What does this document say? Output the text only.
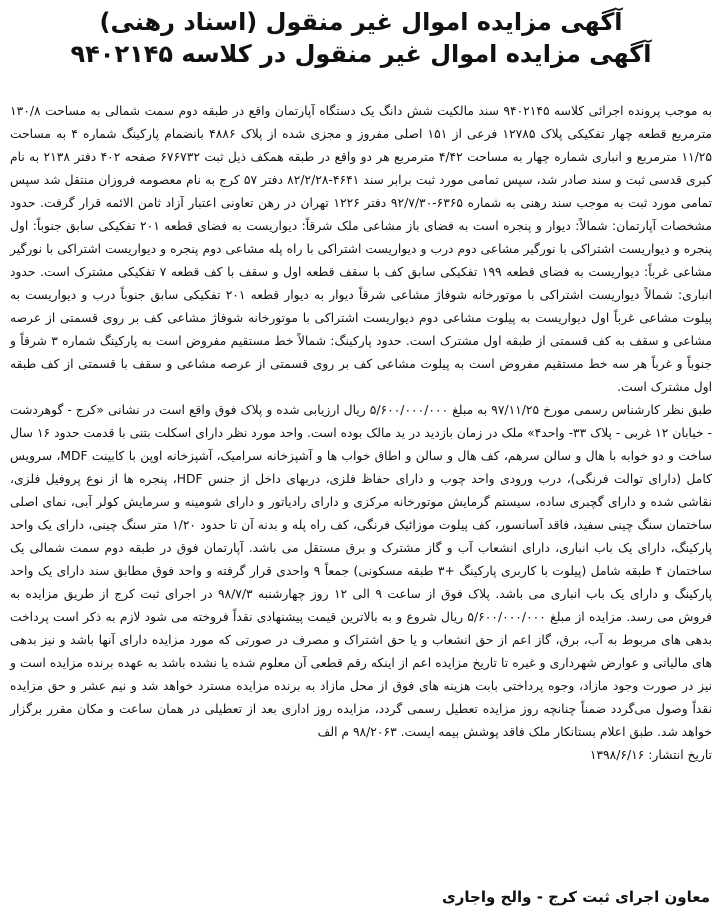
آگهی مزایده اموال غیر منقول (اسناد رهنی)
آگهی مزایده اموال غیر منقول در کلاسه ۹۴۰۲۱۴۵
به موجب پرونده اجرائی کلاسه ۹۴۰۲۱۴۵ سند مالکیت شش دانگ یک دستگاه آپارتمان واقع در طبقه دوم سمت شمالی به مساحت ۱۳۰/۸ مترمربع قطعه چهار تفکیکی پلاک ۱۲۷۸۵ فرعی از ۱۵۱ اصلی مفروز و مجزی شده از پلاک ۴۸۸۶ بانضمام پارکینگ شماره ۴ به مساحت ۱۱/۲۵ مترمربع و انباری شماره چهار به مساحت ۴/۴۲ مترمربع هر دو واقع در طبقه همکف ذیل ثبت ۶۷۶۷۳۲ صفحه ۴۰۲ دفتر ۲۱۳۸ به نام کبری قدسی ثبت و سند صادر شد، سپس تمامی مورد ثبت برابر سند ۴۶۴۱-۸۲/۲/۲۸ دفتر ۵۷ کرج به نام معصومه فروزان منتقل شد سپس تمامی مورد ثبت به موجب سند رهنی به شماره ۶۳۶۵-۹۲/۷/۳۰ دفتر ۱۲۲۶ تهران در رهن تعاونی اعتبار آزاد ثامن الائمه قرار گرفت. حدود مشخصات آپارتمان: شمالاً: دیوار و پنجره است به فضای باز مشاعی ملک شرقاً: دیواریست به فضای قطعه ۲۰۱ تفکیکی سابق جنوباً: اول پنجره و دیواریست اشتراکی با نورگیر مشاعی دوم درب و دیواریست اشتراکی با راه پله مشاعی دوم پنجره و دیواریست اشتراکی با نورگیر مشاعی غرباً: دیواریست به فضای قطعه ۱۹۹ تفکیکی سابق کف با سقف قطعه اول و سقف با کف قطعه ۷ تفکیکی مشترک است. حدود انباری: شمالاً دیواریست اشتراکی با موتورخانه شوفاژ مشاعی شرقاً دیوار به دیوار قطعه ۲۰۱ تفکیکی سابق جنوباً درب و دیواریست به پیلوت مشاعی غرباً اول دیواریست به پیلوت مشاعی دوم دیواریست اشتراکی با موتورخانه شوفاژ مشاعی کف بر روی قسمتی از عرصه مشاعی و سقف به کف قسمتی از طبقه اول مشترک است. حدود پارکینگ: شمالاً خط مستقیم مفروض است به پارکینگ شماره ۳ شرقاً و جنوباً و غرباً هر سه خط مستقیم مفروض است به پیلوت مشاعی کف بر روی قسمتی از عرصه مشاعی و سقف با قسمتی از کف طبقه اول مشترک است.
طبق نظر کارشناس رسمی مورخ ۹۷/۱۱/۲۵ به مبلغ ۵/۶۰۰/۰۰۰/۰۰۰ ریال ارزیابی شده و پلاک فوق واقع است در نشانی «کرج - گوهردشت - خیابان ۱۲ غربی - پلاک ۳۳- واحد۴» ملک در زمان بازدید در ید مالک بوده است. واحد مورد نظر دارای اسکلت بتنی با قدمت حدود ۱۶ سال ساخت و دو خوابه با هال و سالن سرهم، کف هال و سالن و اطاق خواب ها و آشپزخانه سرامیک، آشپزخانه اوپن با کابینت MDF، سرویس کامل (دارای توالت فرنگی)، درب ورودی واحد چوب و دارای حفاظ فلزی، دربهای داخل از جنس HDF، پنجره ها از نوع پروفیل فلزی، نقاشی شده و دارای گچبری ساده، سیستم گرمایش موتورخانه مرکزی و دارای رادیاتور و دارای شومینه و سرمایش کولر آبی، نمای اصلی ساختمان سنگ چینی سفید، فاقد آسانسور، کف پیلوت موزائیک فرنگی، کف راه پله و بدنه آن تا حدود ۱/۲۰ متر سنگ چینی، دارای یک واحد پارکینگ، دارای یک باب انباری، دارای انشعاب آب و گاز مشترک و برق مستقل می باشد. آپارتمان فوق در طبقه دوم سمت شمالی یک ساختمان ۴ طبقه شامل (پیلوت با کاربری پارکینگ +۳ طبقه مسکونی) جمعاً ۹ واحدی قرار گرفته و واحد فوق مطابق سند دارای یک واحد پارکینگ و دارای یک باب انباری می باشد. پلاک فوق از ساعت ۹ الی ۱۲ روز چهارشنبه ۹۸/۷/۳ در اجرای ثبت کرج از طریق مزایده به فروش می رسد. مزایده از مبلغ ۵/۶۰۰/۰۰۰/۰۰۰ ریال شروع و به بالاترین قیمت پیشنهادی نقداً فروخته می شود لازم به ذکر است پرداخت بدهی های مربوط به آب، برق، گاز اعم از حق انشعاب و یا حق اشتراک و مصرف در صورتی که مورد مزایده دارای آنها باشد و نیز بدهی های مالیاتی و عوارض شهرداری و غیره تا تاریخ مزایده اعم از اینکه رقم قطعی آن معلوم شده یا نشده باشد به عهده برنده مزایده است و نیز در صورت وجود مازاد، وجوه پرداختی بابت هزینه های فوق از محل مازاد به برنده مزایده مسترد خواهد شد و نیم عشر و حق مزایده نقداً وصول می‌گردد ضمناً چنانچه روز مزایده تعطیل رسمی گردد، مزایده روز اداری بعد از تعطیلی در همان ساعت و مکان مقرر برگزار خواهد شد. طبق اعلام بستانکار ملک فاقد پوشش بیمه ایست. ۹۸/۲۰۶۳ م الف
تاریخ انتشار: ۱۳۹۸/۶/۱۶
معاون اجرای ثبت کرج - والح واجاری
